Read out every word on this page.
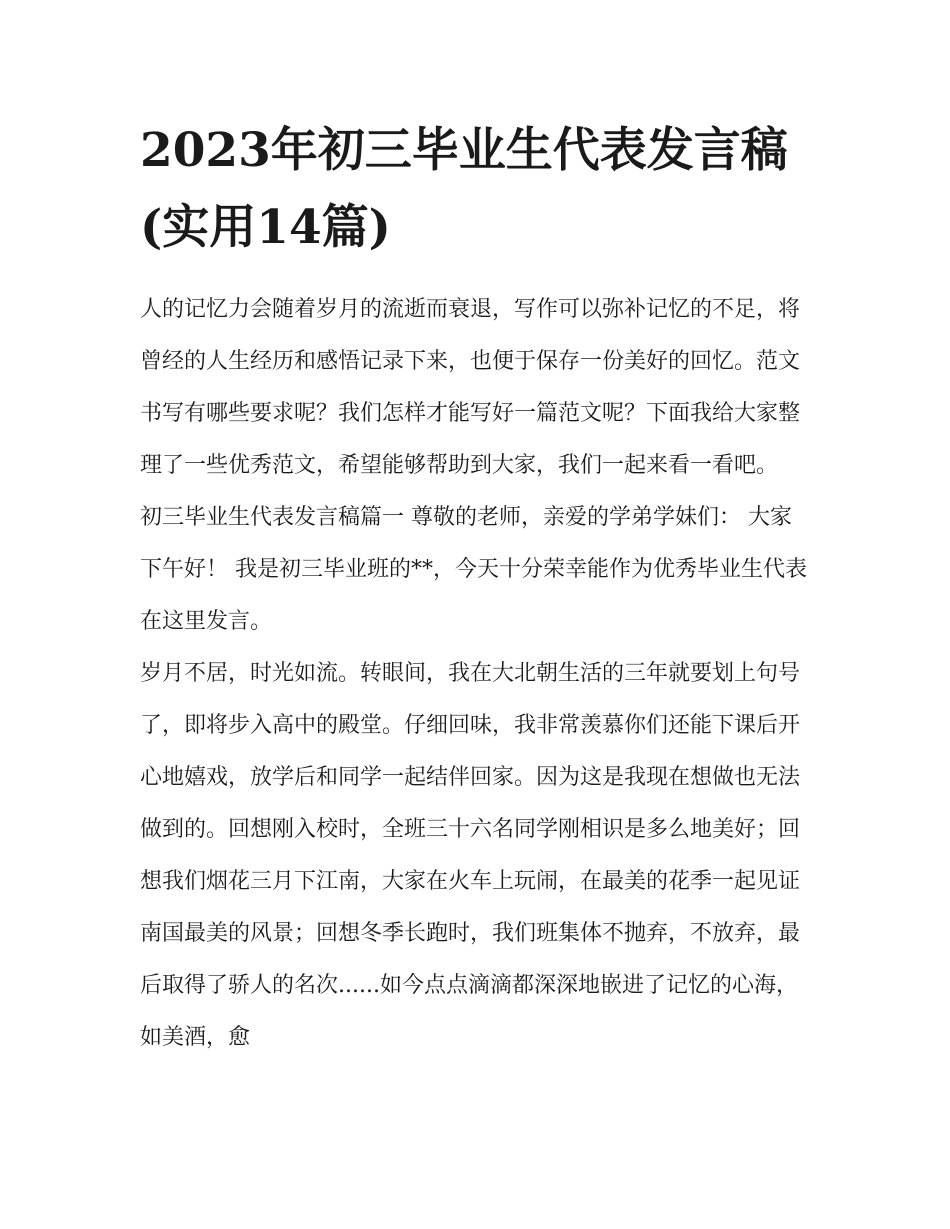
2023年初三毕业生代表发言稿(实用14篇)

人的记忆力会随着岁月的流逝而衰退，写作可以弥补记忆的不足，将曾经的人生经历和感悟记录下来，也便于保存一份美好的回忆。范文书写有哪些要求呢？我们怎样才能写好一篇范文呢？下面我给大家整理了一些优秀范文，希望能够帮助到大家，我们一起来看一看吧。

初三毕业生代表发言稿篇一 尊敬的老师，亲爱的学弟学妹们： 大家下午好！ 我是初三毕业班的**，今天十分荣幸能作为优秀毕业生代表在这里发言。

岁月不居，时光如流。转眼间，我在大北朝生活的三年就要划上句号了，即将步入高中的殿堂。仔细回味，我非常羡慕你们还能下课后开心地嬉戏，放学后和同学一起结伴回家。因为这是我现在想做也无法做到的。回想刚入校时，全班三十六名同学刚相识是多么地美好；回想我们烟花三月下江南，大家在火车上玩闹，在最美的花季一起见证南国最美的风景；回想冬季长跑时，我们班集体不抛弃，不放弃，最后取得了骄人的名次......如今点点滴滴都深深地嵌进了记忆的心海，如美酒，愈
